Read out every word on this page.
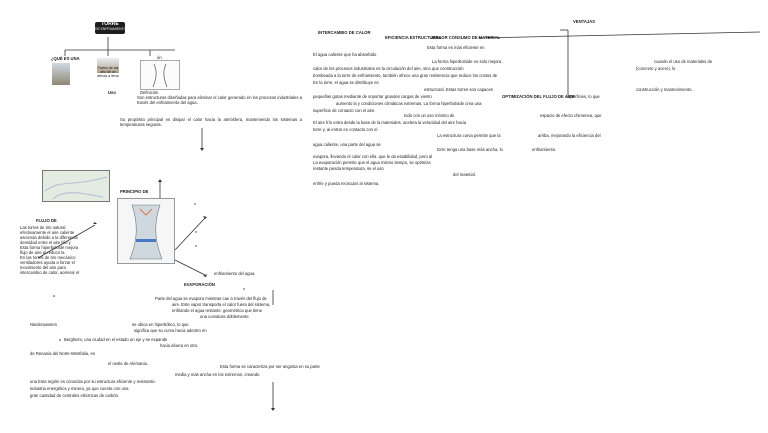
TORRE
DE ENFRIAMIENTO
¿QUÉ ES UNA
Partes de las
alto de un
afecta a llena
ún
Definición
Uso
Son estructuras diseñadas para eliminar el calor generado en los procesos industriales a través del enfriamiento del agua.
Su propósito principal es disipar el calor hacia la atmósfera, manteniendo los sistemas a temperaturas seguras.
VENTAJAS
INTERCAMBIO DE CALOR
EFICIENCIA ESTRUCTURAL
MENOR CONSUMO DE MATERIAL
Esta forma es más eficiente en
El agua caliente que ha absorbido
La forma hiperboloide no solo mejora	cuando el uso de materiales de
calor de los procesos industriales es la circulación del aire, sino que construcción	(concreto y acero), lo
bombeada a la torre de enfriamiento, también ofrece una gran resistencia que reduce los costos de
En la torre, el agua se distribuye en
estructural. Estas torres son capaces	construcción y mantenimiento.
pequeñas gotas mediante de soportar grandes cargas de viento	OPTIMIZACIÓN DEL FLUJO DE AIRE
superficies, lo que
aumento la y condiciones climáticas extremas. La forma hiperboloide crea una
superficie de contacto con el aire.
todo con un uso mínimo de	espacio de efecto chimenea, que
El aire frío entra desde la base de la materiales. acelera la velocidad del aire hacia
torre y, al entrar en contacto con el
La estructura curva permite que la	arriba, mejorando la eficiencia del
agua caliente, una parte del agua se
torre tenga una base más ancha, lo	enfriamiento.
evapora, llevando el calor con ella. que le da estabilidad, pero al
La evaporación permite que el agua mismo tiempo, se optimiza
restante pierda temperatura, se el uso
del material.
enfríe y pueda recircular al sistema.
PRINCIPIO DE
FLUJO DE
Las torres de tiro natural
efectivamente el aire caliente
ascienda debido a la diferencia
densidad entre el aire frío y
Esta forma hiperboloide mejora
flujo de aire al reducir la
En las torres de tiro mecánico
ventiladores ayuda a forzar el
movimiento del aire para
intercambio de calor, acelerar el	enfriamiento del agua.
EVAPORACIÓN
Parte del agua se evapora mientras cae a través del flujo de
aire. Este vapor transporta el calor fuera del sistema,
enfriando el agua restante. geométrica que tiene
una curvatura doblemente
Niederaussem	se ubica en hiperbólico, lo que
significa que su curva hacia adentro en
hacia afuera en otro.
Bergheim, una ciudad en el estado un eje y se expande
de Renania del Norte-Westfalia, en
el oeste de Alemania.
Esta forma se caracteriza por ser angosta en su parte
media y más ancha en los extremos, creando
una Esta región es conocida por su estructura eficiente y resistente.
industria energética y minera, ya que cuenta con una
gran cantidad de centrales eléctricas de carbón.
